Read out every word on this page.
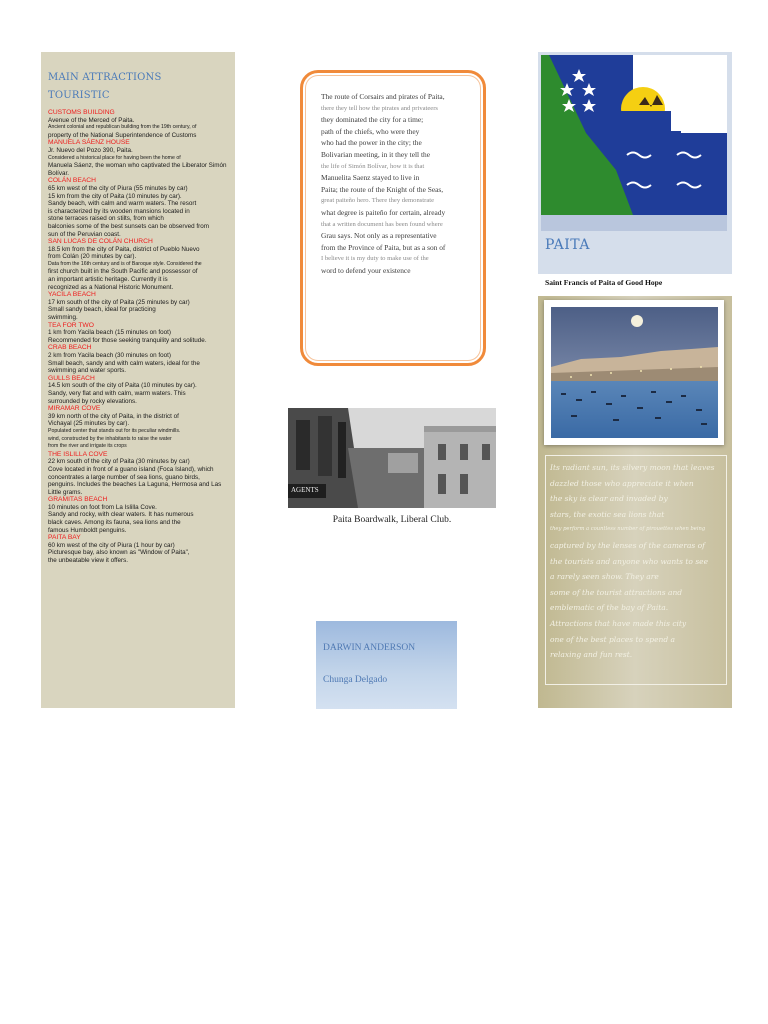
MAIN ATTRACTIONS
TOURISTIC
CUSTOMS BUILDING
Avenue of the Merced of Paita.
Ancient colonial and republican building from the 19th century, of
property of the National Superintendence of Customs
MANUELA SÁENZ HOUSE
Jr. Nuevo del Pozo 390, Paita.
Considered a historical place for having been the home of
Manuela Sáenz, the woman who captivated the Liberator Simón
Bolívar.
COLÁN BEACH
65 km west of the city of Piura (55 minutes by car)
15 km from the city of Paita (10 minutes by car).
Sandy beach, with calm and warm waters. The resort
is characterized by its wooden mansions located in
stone terraces raised on stilts, from which
balconies some of the best sunsets can be observed from
sun of the Peruvian coast.
SAN LUCAS DE COLÁN CHURCH
18.5 km from the city of Paita, district of Pueblo Nuevo
from Colán (20 minutes by car).
Data from the 16th century and is of Baroque style. Considered the
first church built in the South Pacific and possessor of
an important artistic heritage. Currently it is
recognized as a National Historic Monument.
YACILA BEACH
17 km south of the city of Paita (25 minutes by car)
Small sandy beach, ideal for practicing
swimming.
TEA FOR TWO
1 km from Yacila beach (15 minutes on foot)
Recommended for those seeking tranquility and solitude.
CRAB BEACH
2 km from Yacila beach (30 minutes on foot)
Small beach, sandy and with calm waters, ideal for the
swimming and water sports.
GULLS BEACH
14.5 km south of the city of Paita (10 minutes by car).
Sandy, very flat and with calm, warm waters. This
surrounded by rocky elevations.
MIRAMAR COVE
39 km north of the city of Paita, in the district of
Vichayal (25 minutes by car).
Populated center that stands out for its peculiar windmills.
wind, constructed by the inhabitants to raise the water
from the river and irrigate its crops
THE ISLILLA COVE
22 km south of the city of Paita (30 minutes by car)
Cove located in front of a guano island (Foca Island), which
concentrates a large number of sea lions, guano birds,
penguins. Includes the beaches La Laguna, Hermosa and Las
Little grams.
GRAMITAS BEACH
10 minutes on foot from La Islilla Cove.
Sandy and rocky, with clear waters. It has numerous
black caves. Among its fauna, sea lions and the
famous Humboldt penguins.
PAITA BAY
60 km west of the city of Piura (1 hour by car)
Picturesque bay, also known as "Window of Paita",
the unbeatable view it offers.
The route of Corsairs and pirates of Paita,
there they tell how the pirates and privateers
they dominated the city for a time;
path of the chiefs, who were they
who had the power in the city; the
Bolivarian meeting, in it they tell the
the life of Simón Bolívar, how it is that
Manuelita Saenz stayed to live in
Paita; the route of the Knight of the Seas,
great paiteño hero. There they demonstrate
what degree is paiteño for certain, already
that a written document has been found where
Grau says. Not only as a representative
from the Province of Paita, but as a son of
I believe it is my duty to make use of the
word to defend your existence
AGENTS
Paita Boardwalk, Liberal Club.
DARWIN ANDERSON
Chunga Delgado
PAITA
Saint Francis of Paita of Good Hope
Its radiant sun, its silvery moon that leaves
dazzled those who appreciate it when
the sky is clear and invaded by
stars, the exotic sea lions that
they perform a countless number of pirouettes when being
captured by the lenses of the cameras of
the tourists and anyone who wants to see
a rarely seen show. They are
some of the tourist attractions and
emblematic of the bay of Paita.
Attractions that have made this city
one of the best places to spend a
relaxing and fun rest.
